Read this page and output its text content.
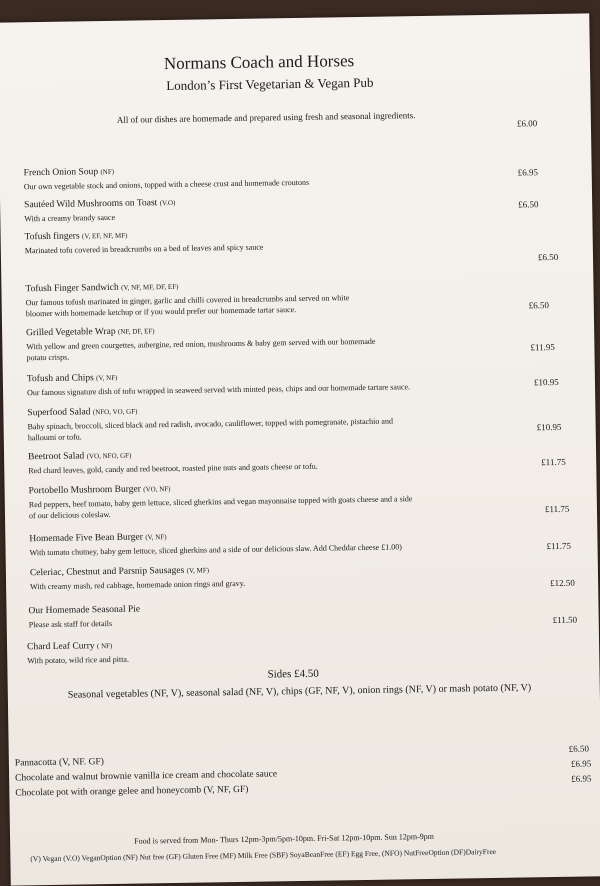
Normans Coach and Horses
London’s First Vegetarian & Vegan Pub
All of our dishes are homemade and prepared using fresh and seasonal ingredients.	£6.00
French Onion Soup (NF)
Our own vegetable stock and onions, topped with a cheese crust and homemade croutons
£6.95
Sautéed Wild Mushrooms on Toast (V.O)
With a creamy brandy sauce
£6.50
Tofush fingers (V, EF, NF, MF)
Marinated tofu covered in breadcrumbs on a bed of leaves and spicy sauce
£6.50
Tofush Finger Sandwich (V, NF, MF, DF, EF)
Our famous tofush marinated in ginger, garlic and chilli covered in breadcrumbs and served on white
bloomer with homemade ketchup or if you would prefer our homemade tartar sauce.	£6.50
Grilled Vegetable Wrap (NF, DF, EF)
With yellow and green courgettes, aubergine, red onion, mushrooms & baby gem served with our homemade
potato crisps.
£11.95
Tofush and Chips (V, NF)
Our famous signature dish of tofu wrapped in seaweed served with minted peas, chips and our homemade tartare sauce.
£10.95
Superfood Salad (NFO, VO, GF)
Baby spinach, broccoli, sliced black and red radish, avocado, cauliflower, topped with pomegranate, pistachio and
halloumi or tofu.
£10.95
Beetroot Salad (VO, NFO, GF)
Red chard leaves, gold, candy and red beetroot, roasted pine nuts and goats cheese or tofu.	£11.75
Portobello Mushroom Burger (VO, NF)
Red peppers, beef tomato, baby gem lettuce, sliced gherkins and vegan mayonnaise topped with goats cheese and a side
of our delicious coleslaw.
£11.75
Homemade Five Bean Burger (V, NF)
With tomato chutney, baby gem lettuce, sliced gherkins and a side of our delicious slaw. Add Cheddar cheese £1.00)	£11.75
Celeriac, Chestnut and Parsnip Sausages (V, MF)
With creamy mash, red cabbage, homemade onion rings and gravy.	£12.50
Our Homemade Seasonal Pie
Please ask staff for details	£11.50
Chard Leaf Curry ( NF)
With potato, wild rice and pitta.
Sides £4.50
Seasonal vegetables (NF, V), seasonal salad (NF, V), chips (GF, NF, V), onion rings (NF, V) or mash potato (NF, V)
Pannacotta (V, NF. GF)
£6.50
Chocolate and walnut brownie vanilla ice cream and chocolate sauce
£6.95
Chocolate pot with orange gelee and honeycomb (V, NF, GF)
£6.95
Food is served from Mon- Thurs 12pm-3pm/5pm-10pm. Fri-Sat 12pm-10pm. Sun 12pm-9pm
(V) Vegan (V.O) VeganOption (NF) Nut free (GF) Gluten Free (MF) Milk Free (SBF) SoyaBeanFree (EF) Egg Free, (NFO) NutFreeOption (DF)DairyFree
